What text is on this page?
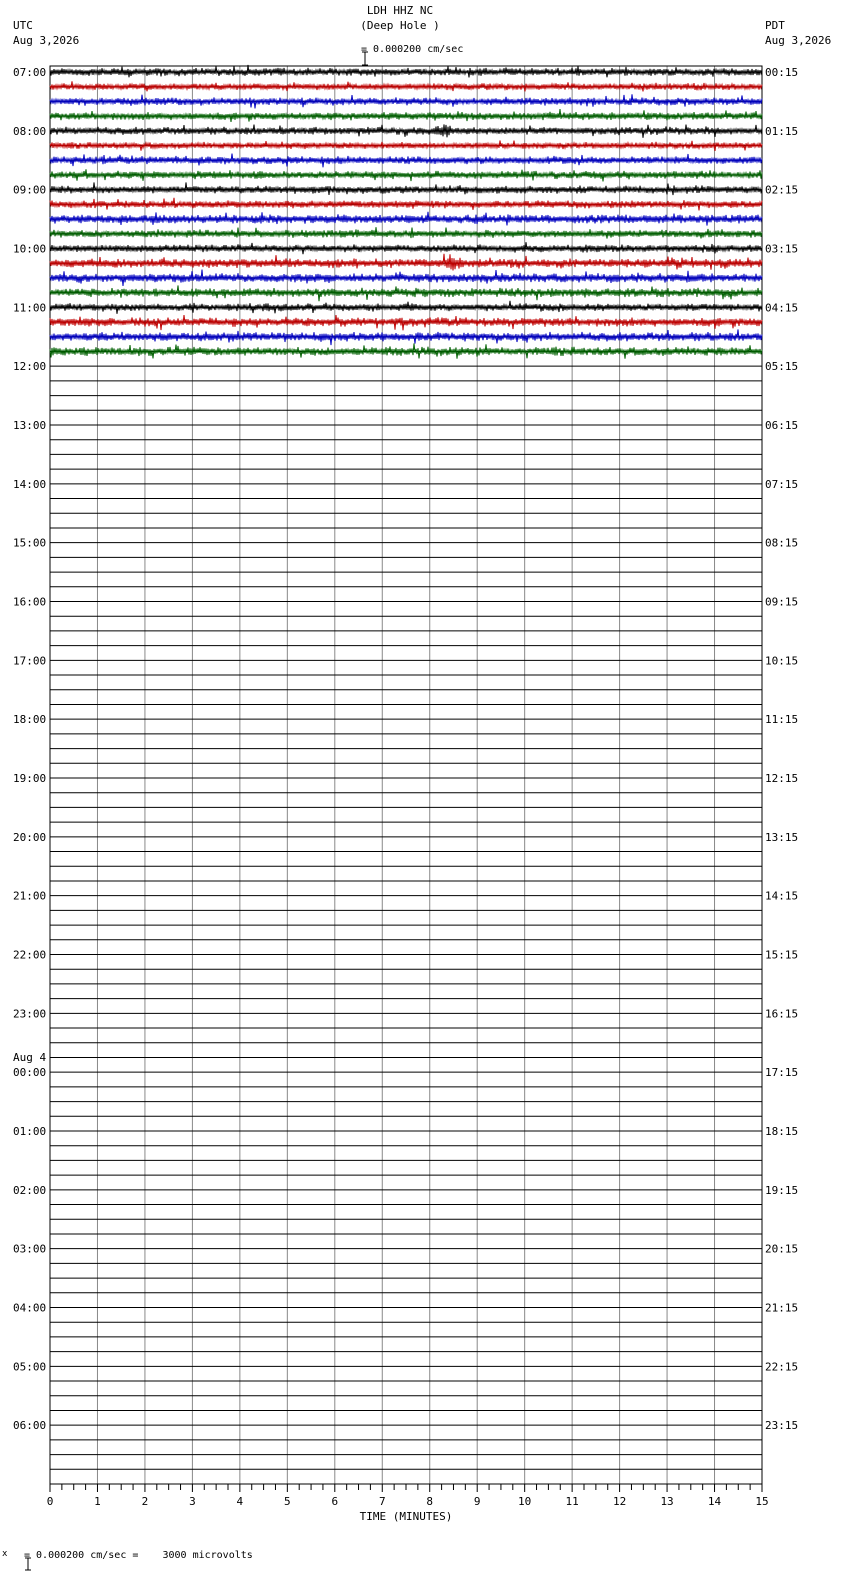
LDH HHZ NC
(Deep Hole )

= 0.000200 cm/sec
UTC
Aug 3,2026
PDT
Aug 3,2026
07:00
08:00
09:00
10:00
11:00
12:00
13:00
14:00
15:00
16:00
17:00
18:00
19:00
20:00
21:00
22:00
23:00
00:00
01:00
02:00
03:00
04:00
05:00
06:00
Aug 4
00:15
01:15
02:15
03:15
04:15
05:15
06:15
07:15
08:15
09:15
10:15
11:15
12:15
13:15
14:15
15:15
16:15
17:15
18:15
19:15
20:15
21:15
22:15
23:15
0	1	2	3	4	5	6	7	8	9	10	11	12	13	14	15
TIME (MINUTES)
x

= 0.000200 cm/sec =    3000 microvolts
